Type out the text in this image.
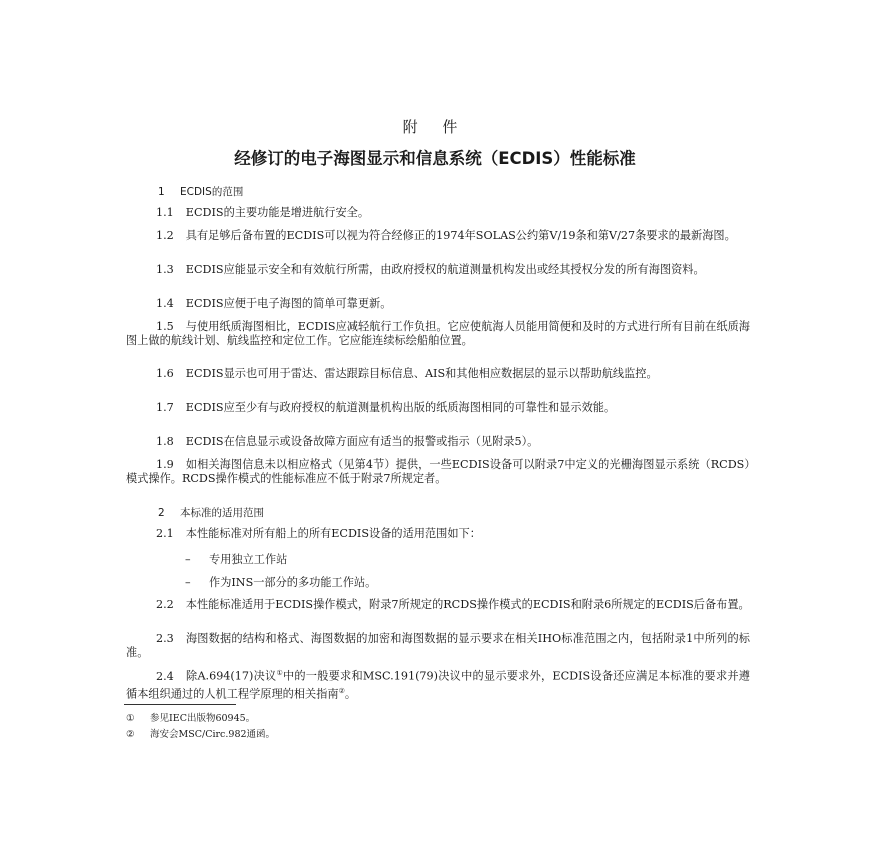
附 件
经修订的电子海图显示和信息系统（ECDIS）性能标准
1 ECDIS的范围
1.1 ECDIS的主要功能是增进航行安全。
1.2 具有足够后备布置的ECDIS可以视为符合经修正的1974年SOLAS公约第V/19条和第V/27条要求的最新海图。
1.3 ECDIS应能显示安全和有效航行所需，由政府授权的航道测量机构发出或经其授权分发的所有海图资料。
1.4 ECDIS应便于电子海图的简单可靠更新。
1.5 与使用纸质海图相比，ECDIS应减轻航行工作负担。它应使航海人员能用简便和及时的方式进行所有目前在纸质海图上做的航线计划、航线监控和定位工作。它应能连续标绘船舶位置。
1.6 ECDIS显示也可用于雷达、雷达跟踪目标信息、AIS和其他相应数据层的显示以帮助航线监控。
1.7 ECDIS应至少有与政府授权的航道测量机构出版的纸质海图相同的可靠性和显示效能。
1.8 ECDIS在信息显示或设备故障方面应有适当的报警或指示（见附录5）。
1.9 如相关海图信息未以相应格式（见第4节）提供，一些ECDIS设备可以附录7中定义的光栅海图显示系统（RCDS）模式操作。RCDS操作模式的性能标准应不低于附录7所规定者。
2 本标准的适用范围
2.1 本性能标准对所有船上的所有ECDIS设备的适用范围如下：
– 专用独立工作站
– 作为INS一部分的多功能工作站。
2.2 本性能标准适用于ECDIS操作模式，附录7所规定的RCDS操作模式的ECDIS和附录6所规定的ECDIS后备布置。
2.3 海图数据的结构和格式、海图数据的加密和海图数据的显示要求在相关IHO标准范围之内，包括附录1中所列的标准。
2.4 除A.694(17)决议①中的一般要求和MSC.191(79)决议中的显示要求外，ECDIS设备还应满足本标准的要求并遵循本组织通过的人机工程学原理的相关指南②。
① 参见IEC出版物60945。
② 海安会MSC/Circ.982通函。
